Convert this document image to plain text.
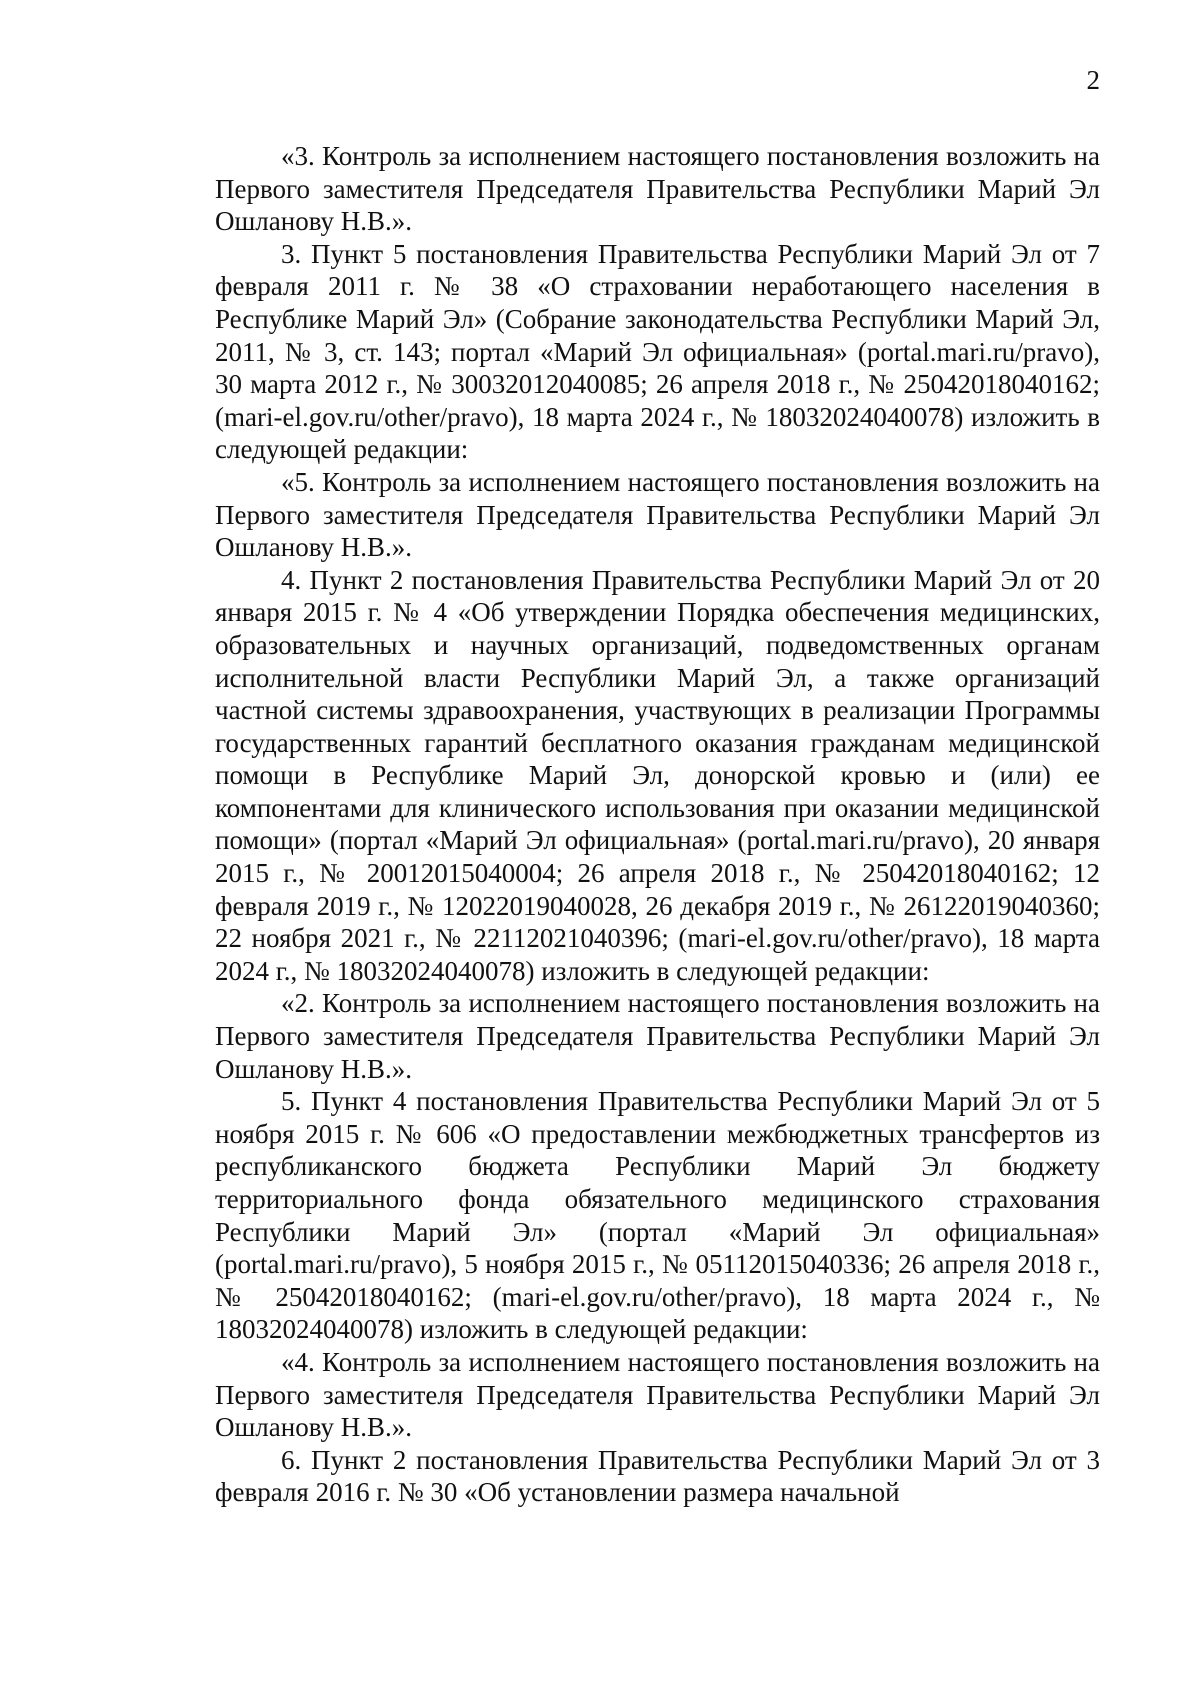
2

«3. Контроль за исполнением настоящего постановления возложить на Первого заместителя Председателя Правительства Республики Марий Эл Ошланову Н.В.».

3. Пункт 5 постановления Правительства Республики Марий Эл от 7 февраля 2011 г. № 38 «О страховании неработающего населения в Республике Марий Эл» (Собрание законодательства Республики Марий Эл, 2011, № 3, ст. 143; портал «Марий Эл официальная» (portal.mari.ru/pravo), 30 марта 2012 г., № 30032012040085; 26 апреля 2018 г., № 25042018040162; (mari-el.gov.ru/other/pravo), 18 марта 2024 г., № 18032024040078) изложить в следующей редакции:

«5. Контроль за исполнением настоящего постановления возложить на Первого заместителя Председателя Правительства Республики Марий Эл Ошланову Н.В.».

4. Пункт 2 постановления Правительства Республики Марий Эл от 20 января 2015 г. № 4 «Об утверждении Порядка обеспечения медицинских, образовательных и научных организаций, подведомственных органам исполнительной власти Республики Марий Эл, а также организаций частной системы здравоохранения, участвующих в реализации Программы государственных гарантий бесплатного оказания гражданам медицинской помощи в Республике Марий Эл, донорской кровью и (или) ее компонентами для клинического использования при оказании медицинской помощи» (портал «Марий Эл официальная» (portal.mari.ru/pravo), 20 января 2015 г., № 20012015040004; 26 апреля 2018 г., № 25042018040162; 12 февраля 2019 г., № 12022019040028, 26 декабря 2019 г., № 26122019040360; 22 ноября 2021 г., № 22112021040396; (mari-el.gov.ru/other/pravo), 18 марта 2024 г., № 18032024040078) изложить в следующей редакции:

«2. Контроль за исполнением настоящего постановления возложить на Первого заместителя Председателя Правительства Республики Марий Эл Ошланову Н.В.».

5. Пункт 4 постановления Правительства Республики Марий Эл от 5 ноября 2015 г. № 606 «О предоставлении межбюджетных трансфертов из республиканского бюджета Республики Марий Эл бюджету территориального фонда обязательного медицинского страхования Республики Марий Эл» (портал «Марий Эл официальная» (portal.mari.ru/pravo), 5 ноября 2015 г., № 05112015040336; 26 апреля 2018 г., № 25042018040162; (mari-el.gov.ru/other/pravo), 18 марта 2024 г., № 18032024040078) изложить в следующей редакции:

«4. Контроль за исполнением настоящего постановления возложить на Первого заместителя Председателя Правительства Республики Марий Эл Ошланову Н.В.».

6. Пункт 2 постановления Правительства Республики Марий Эл от 3 февраля 2016 г. № 30 «Об установлении размера начальной
